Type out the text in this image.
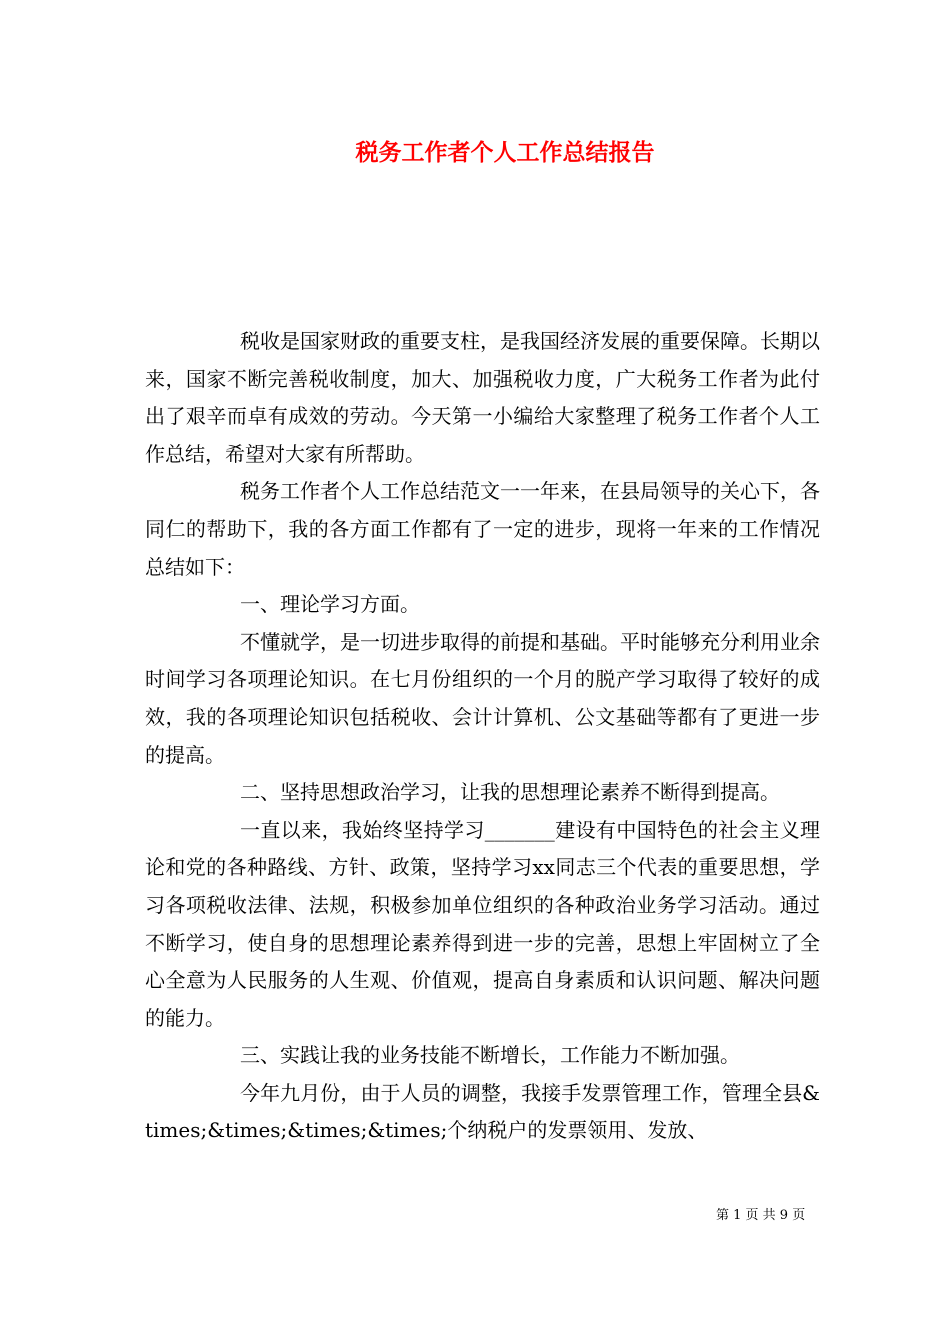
税务工作者个人工作总结报告

税收是国家财政的重要支柱，是我国经济发展的重要保障。长期以来，国家不断完善税收制度，加大、加强税收力度，广大税务工作者为此付出了艰辛而卓有成效的劳动。今天第一小编给大家整理了税务工作者个人工作总结，希望对大家有所帮助。

税务工作者个人工作总结范文一一年来，在县局领导的关心下，各同仁的帮助下，我的各方面工作都有了一定的进步，现将一年来的工作情况总结如下：

一、理论学习方面。

不懂就学，是一切进步取得的前提和基础。平时能够充分利用业余时间学习各项理论知识。在七月份组织的一个月的脱产学习取得了较好的成效，我的各项理论知识包括税收、会计计算机、公文基础等都有了更进一步的提高。

二、坚持思想政治学习，让我的思想理论素养不断得到提高。

一直以来，我始终坚持学习_______建设有中国特色的社会主义理论和党的各种路线、方针、政策，坚持学习xx同志三个代表的重要思想，学习各项税收法律、法规，积极参加单位组织的各种政治业务学习活动。通过不断学习，使自身的思想理论素养得到进一步的完善，思想上牢固树立了全心全意为人民服务的人生观、价值观，提高自身素质和认识问题、解决问题的能力。

三、实践让我的业务技能不断增长，工作能力不断加强。

今年九月份，由于人员的调整，我接手发票管理工作，管理全县&times;&times;&times;&times;个纳税户的发票领用、发放、

第 1 页 共 9 页
